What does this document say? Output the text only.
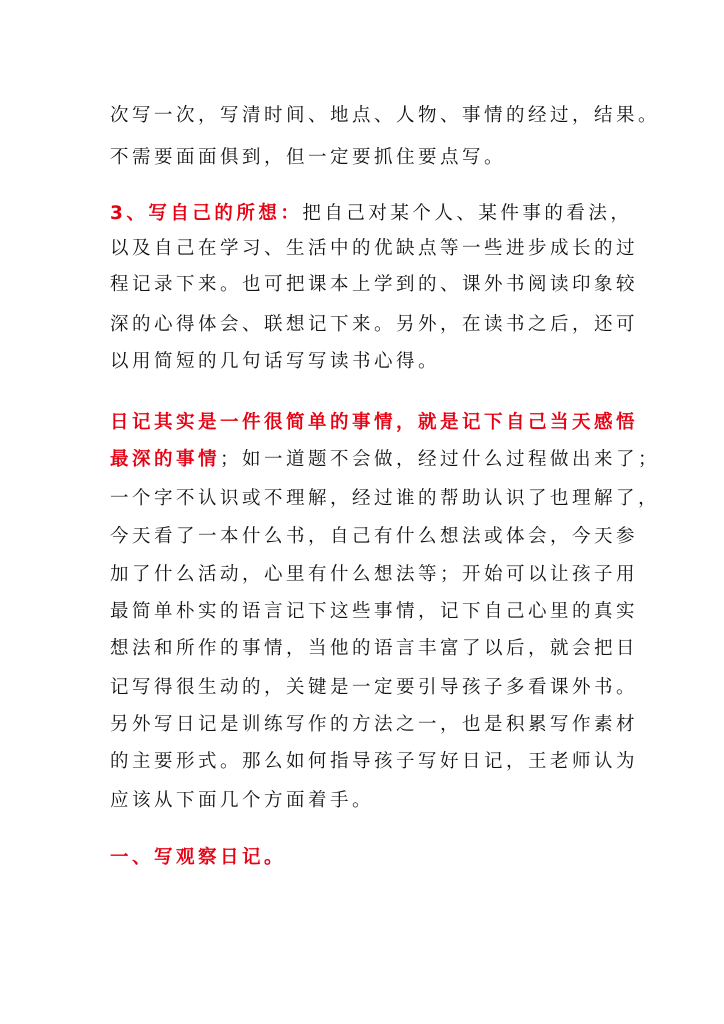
次写一次，写清时间、地点、人物、事情的经过，结果。
不需要面面俱到，但一定要抓住要点写。
3、写自己的所想：把自己对某个人、某件事的看法，
以及自己在学习、生活中的优缺点等一些进步成长的过
程记录下来。也可把课本上学到的、课外书阅读印象较
深的心得体会、联想记下来。另外，在读书之后，还可
以用简短的几句话写写读书心得。
日记其实是一件很简单的事情，就是记下自己当天感悟
最深的事情；如一道题不会做，经过什么过程做出来了；
一个字不认识或不理解，经过谁的帮助认识了也理解了，
今天看了一本什么书，自己有什么想法或体会，今天参
加了什么活动，心里有什么想法等；开始可以让孩子用
最简单朴实的语言记下这些事情，记下自己心里的真实
想法和所作的事情，当他的语言丰富了以后，就会把日
记写得很生动的，关键是一定要引导孩子多看课外书。
另外写日记是训练写作的方法之一，也是积累写作素材
的主要形式。那么如何指导孩子写好日记，王老师认为
应该从下面几个方面着手。
一、写观察日记。
